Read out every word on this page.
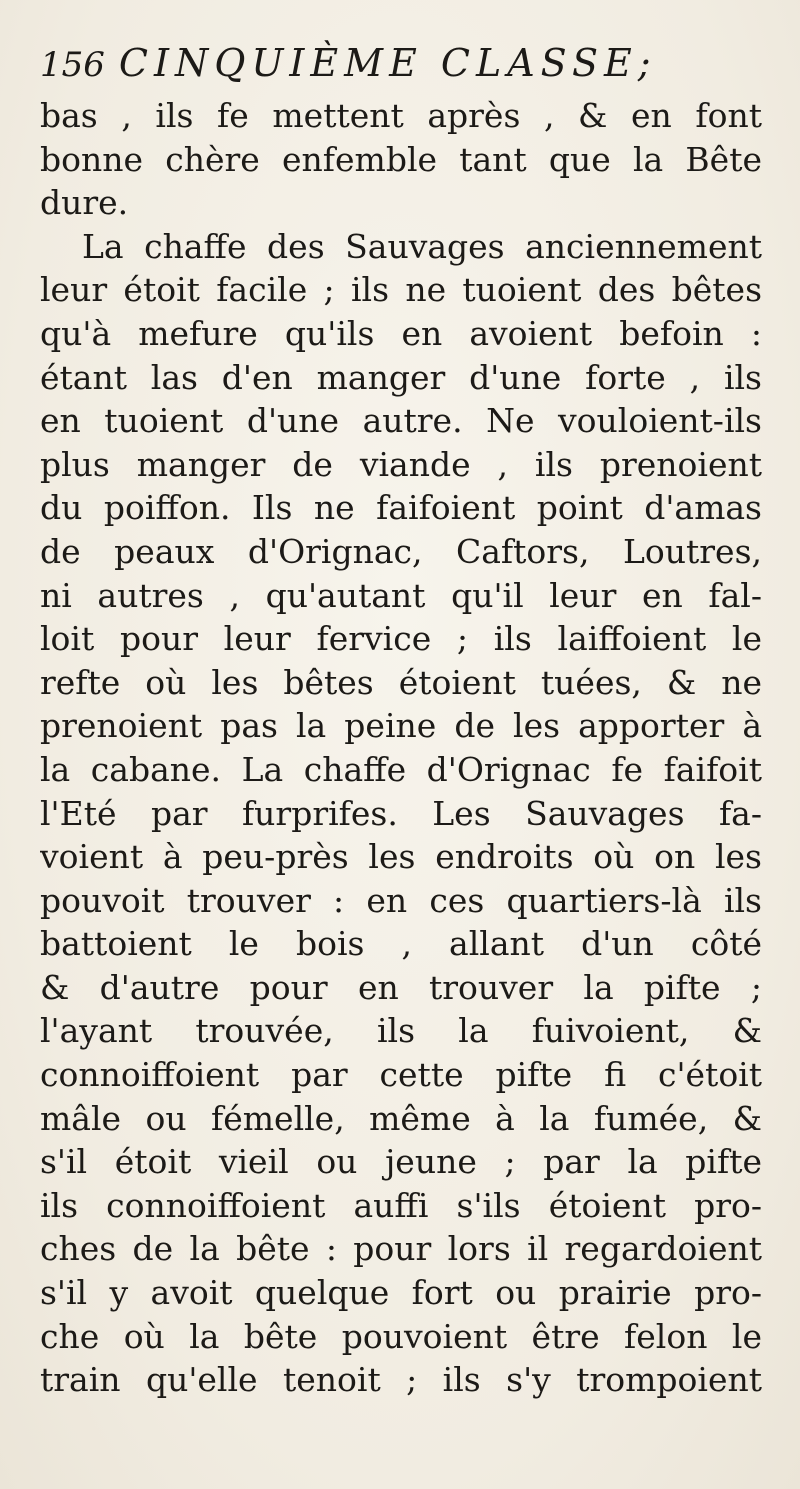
156 CINQUIÈME CLASSE;
bas , ils fe mettent après , & en font
bonne chère enfemble tant que la Bête
dure.
La chaffe des Sauvages anciennement
leur étoit facile ; ils ne tuoient des bêtes
qu'à mefure qu'ils en avoient befoin :
étant las d'en manger d'une forte , ils
en tuoient d'une autre. Ne vouloient-ils
plus manger de viande , ils prenoient
du poiffon. Ils ne faifoient point d'amas
de peaux d'Orignac, Caftors, Loutres,
ni autres , qu'autant qu'il leur en fal-
loit pour leur fervice ; ils laiffoient le
refte où les bêtes étoient tuées, & ne
prenoient pas la peine de les apporter à
la cabane. La chaffe d'Orignac fe faifoit
l'Eté par furprifes. Les Sauvages fa-
voient à peu-près les endroits où on les
pouvoit trouver : en ces quartiers-là ils
battoient le bois , allant d'un côté
& d'autre pour en trouver la pifte ;
l'ayant trouvée, ils la fuivoient, &
connoiffoient par cette pifte fi c'étoit
mâle ou fémelle, même à la fumée, &
s'il étoit vieil ou jeune ; par la pifte
ils connoiffoient auffi s'ils étoient pro-
ches de la bête : pour lors il regardoient
s'il y avoit quelque fort ou prairie pro-
che où la bête pouvoient être felon le
train qu'elle tenoit ; ils s'y trompoient
